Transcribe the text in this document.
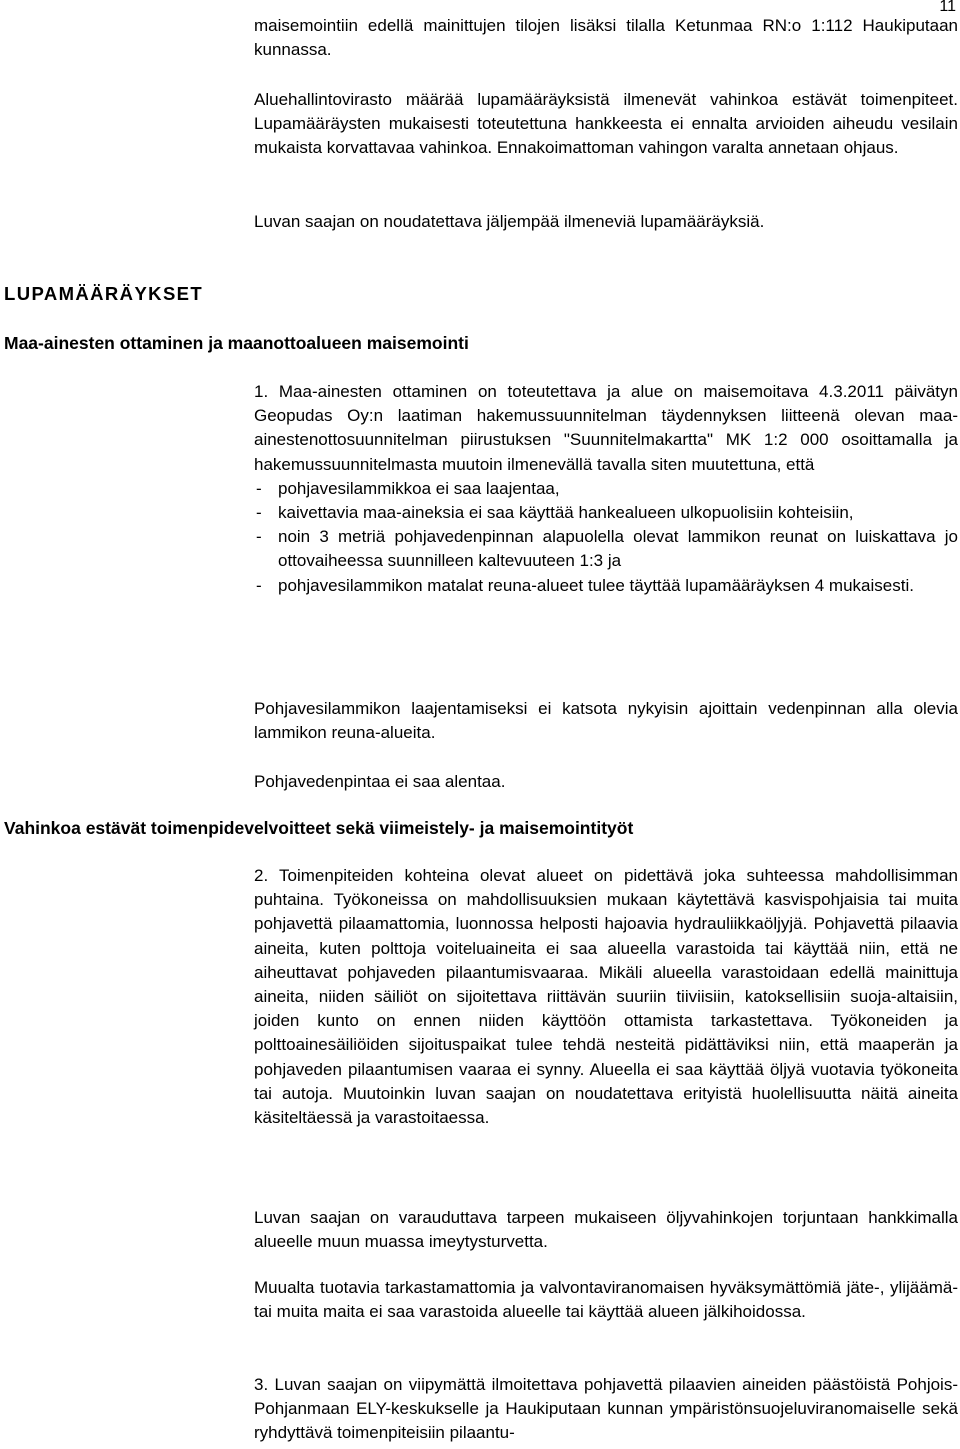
11

maisemointiin edellä mainittujen tilojen lisäksi tilalla Ketunmaa RN:o 1:112 Haukiputaan kunnassa.

Aluehallintovirasto määrää lupamääräyksistä ilmenevät vahinkoa estävät toimenpiteet. Lupamääräysten mukaisesti toteutettuna hankkeesta ei ennalta arvioiden aiheudu vesilain mukaista korvattavaa vahinkoa. Ennakoimattoman vahingon varalta annetaan ohjaus.

Luvan saajan on noudatettava jäljempää ilmeneviä lupamääräyksiä.

LUPAMÄÄRÄYKSET
Maa-ainesten ottaminen ja maanottoalueen maisemointi

1. Maa-ainesten ottaminen on toteutettava ja alue on maisemoitava 4.3.2011 päivätyn Geopudas Oy:n laatiman hakemussuunnitelman täydennyksen liitteenä olevan maa-ainestenottosuunnitelman piirustuksen "Suunnitelmakartta" MK 1:2 000 osoittamalla ja hakemussuunnitelmasta muutoin ilmenevällä tavalla siten muutettuna, että

- pohjavesilammikkoa ei saa laajentaa,
- kaivettavia maa-aineksia ei saa käyttää hankealueen ulkopuolisiin kohteisiin,
- noin 3 metriä pohjavedenpinnan alapuolella olevat lammikon reunat on luiskattava jo ottovaiheessa suunnilleen kaltevuuteen 1:3 ja
- pohjavesilammikon matalat reuna-alueet tulee täyttää lupamääräyksen 4 mukaisesti.

Pohjavesilammikon laajentamiseksi ei katsota nykyisin ajoittain vedenpinnan alla olevia lammikon reuna-alueita.

Pohjavedenpintaa ei saa alentaa.

Vahinkoa estävät toimenpidevelvoitteet sekä viimeistely- ja maisemointityöt

2. Toimenpiteiden kohteina olevat alueet on pidettävä joka suhteessa mahdollisimman puhtaina. Työkoneissa on mahdollisuuksien mukaan käytettävä kasvispohjaisia tai muita pohjavettä pilaamattomia, luonnossa helposti hajoavia hydrauliikkaöljyjä. Pohjavettä pilaavia aineita, kuten polttoja voiteluaineita ei saa alueella varastoida tai käyttää niin, että ne aiheuttavat pohjaveden pilaantumisvaaraa. Mikäli alueella varastoidaan edellä mainittuja aineita, niiden säiliöt on sijoitettava riittävän suuriin tiiviisiin, katoksellisiin suoja-altaisiin, joiden kunto on ennen niiden käyttöön ottamista tarkastettava. Työkoneiden ja polttoainesäiliöiden sijoituspaikat tulee tehdä nesteitä pidättäviksi niin, että maaperän ja pohjaveden pilaantumisen vaaraa ei synny. Alueella ei saa käyttää öljyä vuotavia työkoneita tai autoja. Muutoinkin luvan saajan on noudatettava erityistä huolellisuutta näitä aineita käsiteltäessä ja varastoitaessa.

Luvan saajan on varauduttava tarpeen mukaiseen öljyvahinkojen torjuntaan hankkimalla alueelle muun muassa imeytysturvetta.

Muualta tuotavia tarkastamattomia ja valvontaviranomaisen hyväksymättömiä jäte-, ylijäämä- tai muita maita ei saa varastoida alueelle tai käyttää alueen jälkihoidossa.

3. Luvan saajan on viipymättä ilmoitettava pohjavettä pilaavien aineiden päästöistä Pohjois-Pohjanmaan ELY-keskukselle ja Haukiputaan kunnan ympäristönsuojeluviranomaiselle sekä ryhdyttävä toimenpiteisiin pilaantu-
